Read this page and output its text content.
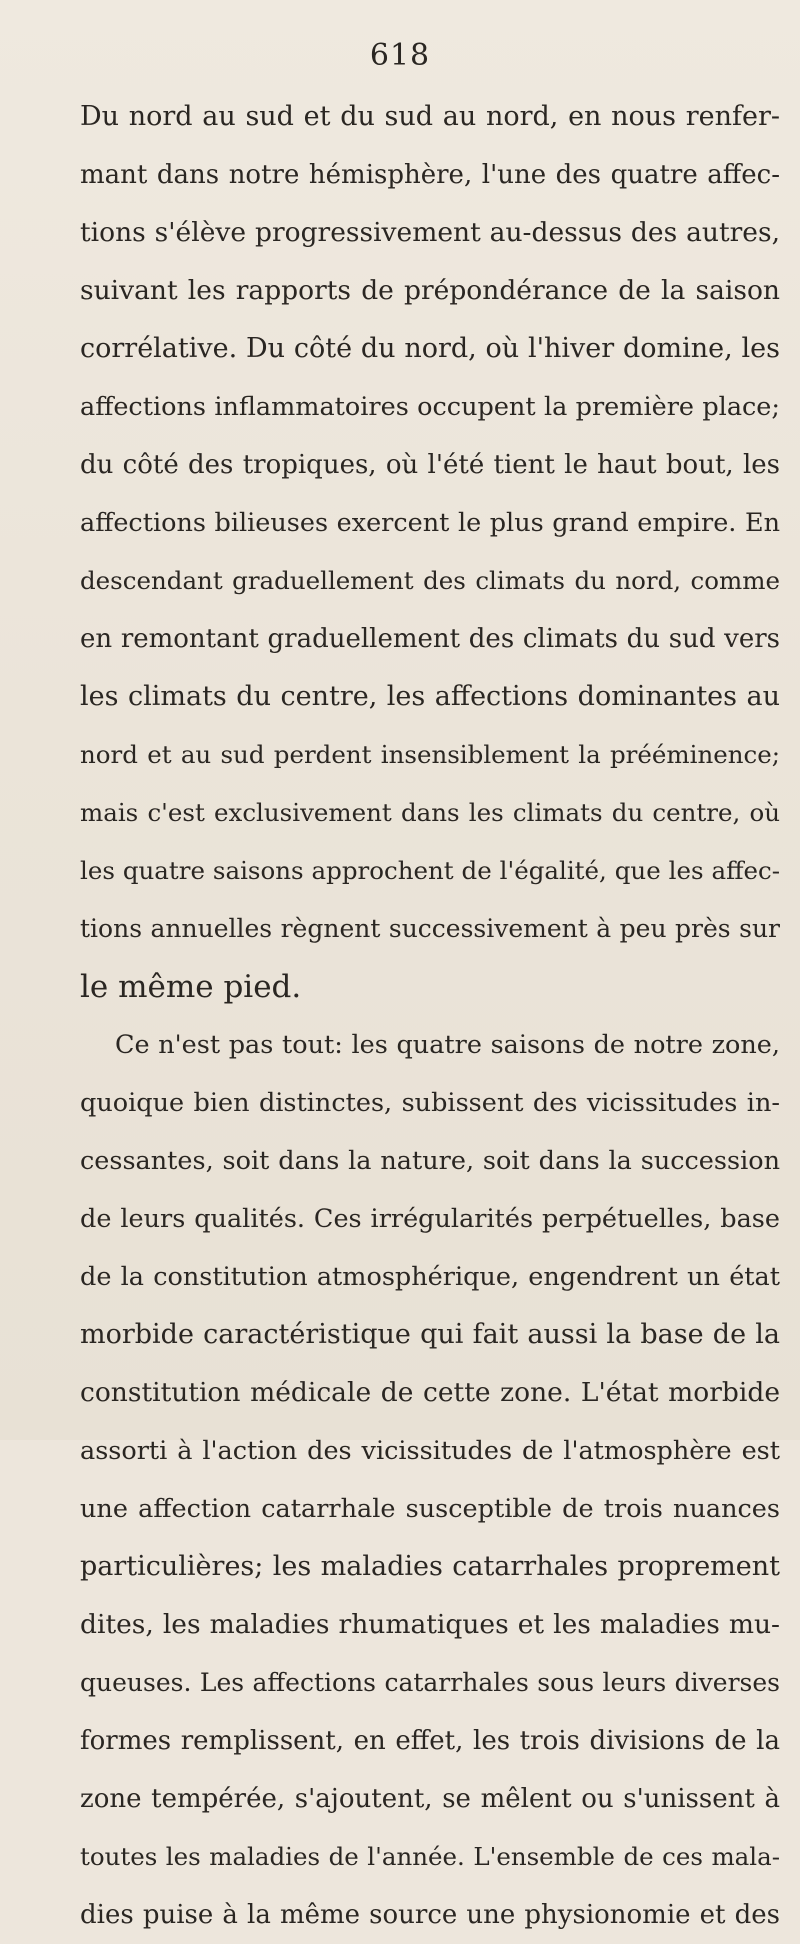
618
Du nord au sud et du sud au nord, en nous renfer-
mant dans notre hémisphère, l'une des quatre affec-
tions s'élève progressivement au-dessus des autres,
suivant les rapports de prépondérance de la saison
corrélative. Du côté du nord, où l'hiver domine, les
affections inflammatoires occupent la première place;
du côté des tropiques, où l'été tient le haut bout, les
affections bilieuses exercent le plus grand empire. En
descendant graduellement des climats du nord, comme
en remontant graduellement des climats du sud vers
les climats du centre, les affections dominantes au
nord et au sud perdent insensiblement la prééminence;
mais c'est exclusivement dans les climats du centre, où
les quatre saisons approchent de l'égalité, que les affec-
tions annuelles règnent successivement à peu près sur
le même pied.
Ce n'est pas tout: les quatre saisons de notre zone,
quoique bien distinctes, subissent des vicissitudes in-
cessantes, soit dans la nature, soit dans la succession
de leurs qualités. Ces irrégularités perpétuelles, base
de la constitution atmosphérique, engendrent un état
morbide caractéristique qui fait aussi la base de la
constitution médicale de cette zone. L'état morbide
assorti à l'action des vicissitudes de l'atmosphère est
une affection catarrhale susceptible de trois nuances
particulières; les maladies catarrhales proprement
dites, les maladies rhumatiques et les maladies mu-
queuses. Les affections catarrhales sous leurs diverses
formes remplissent, en effet, les trois divisions de la
zone tempérée, s'ajoutent, se mêlent ou s'unissent à
toutes les maladies de l'année. L'ensemble de ces mala-
dies puise à la même source une physionomie et des
